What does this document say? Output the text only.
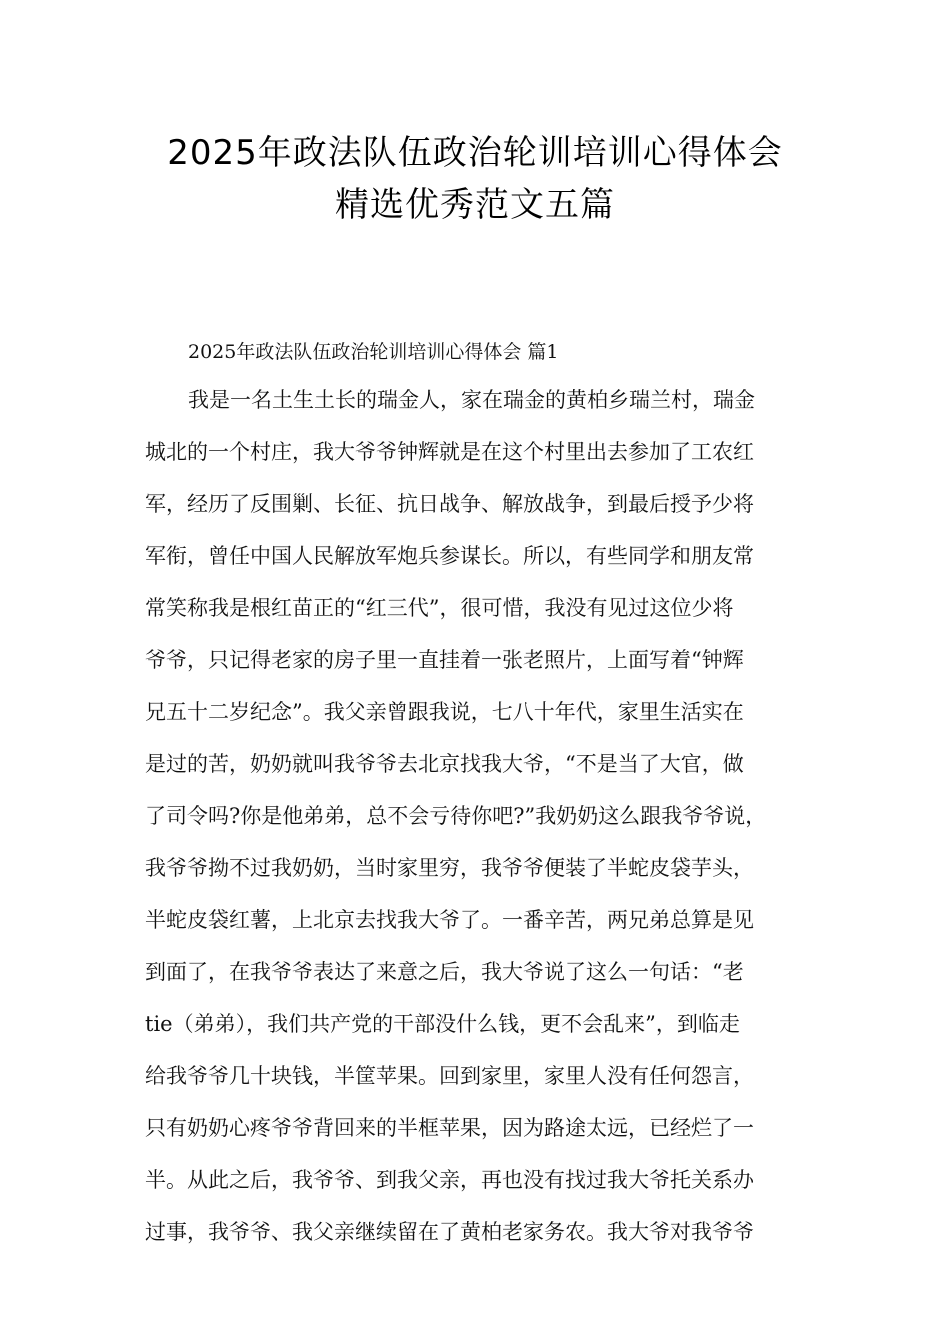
2025年政法队伍政治轮训培训心得体会
精选优秀范文五篇
2025年政法队伍政治轮训培训心得体会 篇1
我是一名土生土长的瑞金人，家在瑞金的黄柏乡瑞兰村，瑞金
城北的一个村庄，我大爷爷钟辉就是在这个村里出去参加了工农红
军，经历了反围剿、长征、抗日战争、解放战争，到最后授予少将
军衔，曾任中国人民解放军炮兵参谋长。所以，有些同学和朋友常
常笑称我是根红苗正的“红三代”，很可惜，我没有见过这位少将
爷爷，只记得老家的房子里一直挂着一张老照片，上面写着“钟辉
兄五十二岁纪念”。我父亲曾跟我说，七八十年代，家里生活实在
是过的苦，奶奶就叫我爷爷去北京找我大爷，“不是当了大官，做
了司令吗?你是他弟弟，总不会亏待你吧?”我奶奶这么跟我爷爷说，
我爷爷拗不过我奶奶，当时家里穷，我爷爷便装了半蛇皮袋芋头，
半蛇皮袋红薯，上北京去找我大爷了。一番辛苦，两兄弟总算是见
到面了，在我爷爷表达了来意之后，我大爷说了这么一句话：“老
tie（弟弟），我们共产党的干部没什么钱，更不会乱来”，到临走
给我爷爷几十块钱，半筐苹果。回到家里，家里人没有任何怨言，
只有奶奶心疼爷爷背回来的半框苹果，因为路途太远，已经烂了一
半。从此之后，我爷爷、到我父亲，再也没有找过我大爷托关系办
过事，我爷爷、我父亲继续留在了黄柏老家务农。我大爷对我爷爷
